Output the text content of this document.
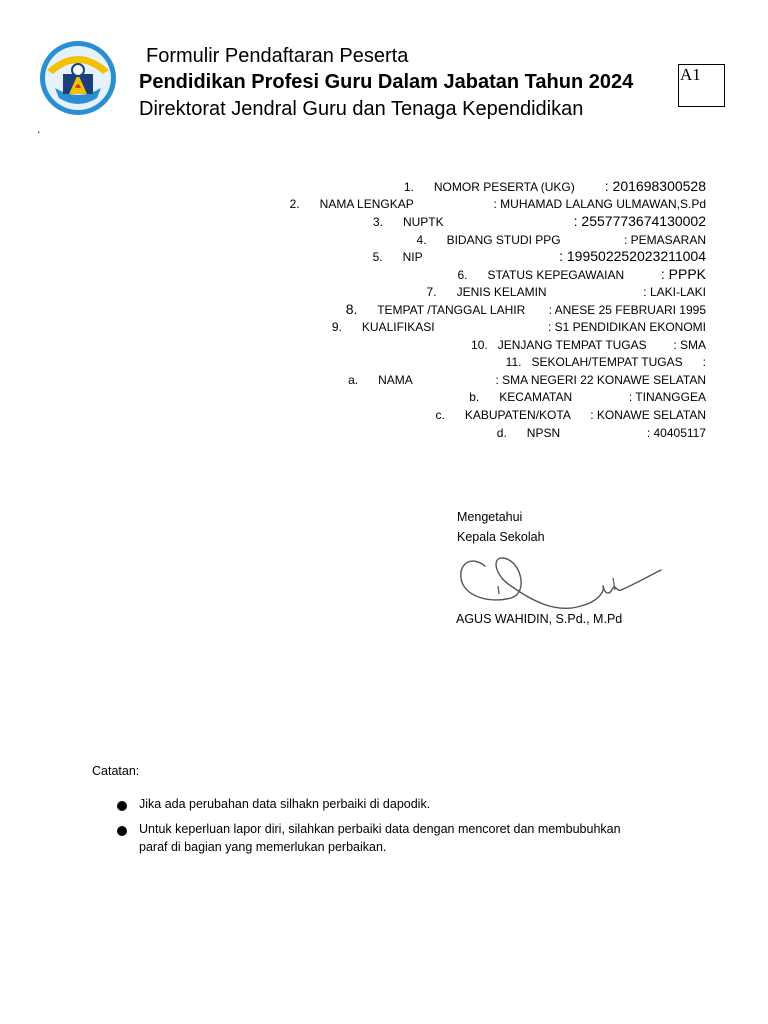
Formulir Pendaftaran Peserta
Pendidikan Profesi Guru Dalam Jabatan Tahun 2024
Direktorat Jendral Guru dan Tenaga Kependidikan
A1
.
1. NOMOR PESERTA (UKG) : 201698300528
2. NAMA LENGKAP	: MUHAMAD LALANG ULMAWAN,S.Pd
3. NUPTK	: 2557773674130002
4. BIDANG STUDI PPG	: PEMASARAN
5. NIP	: 199502252023211004
6. STATUS KEPEGAWAIAN	: PPPK
7. JENIS KELAMIN	: LAKI-LAKI
8. TEMPAT /TANGGAL LAHIR : ANESE 25 FEBRUARI 1995
9. KUALIFIKASI	: S1 PENDIDIKAN EKONOMI
10. JENJANG TEMPAT TUGAS : SMA
11. SEKOLAH/TEMPAT TUGAS :
a. NAMA	: SMA NEGERI 22 KONAWE SELATAN
b. KECAMATAN	: TINANGGEA
c. KABUPATEN/KOTA : KONAWE SELATAN
d. NPSN	: 40405117
Mengetahui
Kepala Sekolah
AGUS WAHIDIN, S.Pd., M.Pd
Catatan:
Jika ada perubahan data silhakn perbaiki di dapodik.
Untuk keperluan lapor diri, silahkan perbaiki data dengan mencoret dan membubuhkan
paraf di bagian yang memerlukan perbaikan.
